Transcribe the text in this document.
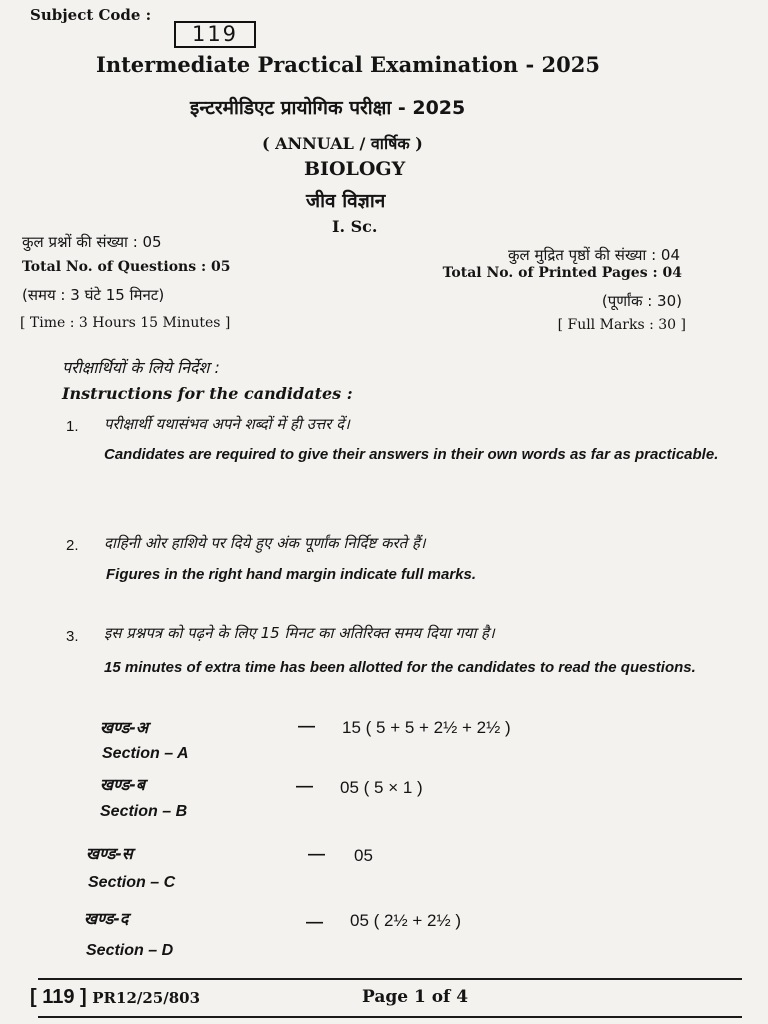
Subject Code :
119
Intermediate Practical Examination - 2025
इन्टरमीडिएट प्रायोगिक परीक्षा - 2025
( ANNUAL / वार्षिक )
BIOLOGY
जीव विज्ञान
I. Sc.
कुल प्रश्नों की संख्या : 05
Total No. of Questions : 05
(समय : 3 घंटे 15 मिनट)
[ Time : 3 Hours 15 Minutes ]
कुल मुद्रित पृष्ठों की संख्या : 04
Total No. of Printed Pages : 04
(पूर्णांक : 30)
[ Full Marks : 30 ]
परीक्षार्थियों के लिये निर्देश :
Instructions for the candidates :
1. परीक्षार्थी यथासंभव अपने शब्दों में ही उत्तर दें।
Candidates are required to give their answers in their own words as far as practicable.
2. दाहिनी ओर हाशिये पर दिये हुए अंक पूर्णांक निर्दिष्ट करते हैं।
Figures in the right hand margin indicate full marks.
3. इस प्रश्नपत्र को पढ़ने के लिए 15 मिनट का अतिरिक्त समय दिया गया है।
15 minutes of extra time has been allotted for the candidates to read the questions.
खण्ड-अ	— 15 ( 5 + 5 + 2½ + 2½ )
Section – A
खण्ड-ब	— 05 ( 5 × 1 )
Section – B
खण्ड-स	— 05
Section – C
खण्ड-द	— 05 ( 2½ + 2½ )
Section – D
[ 119 ] PR12/25/803	Page 1 of 4
